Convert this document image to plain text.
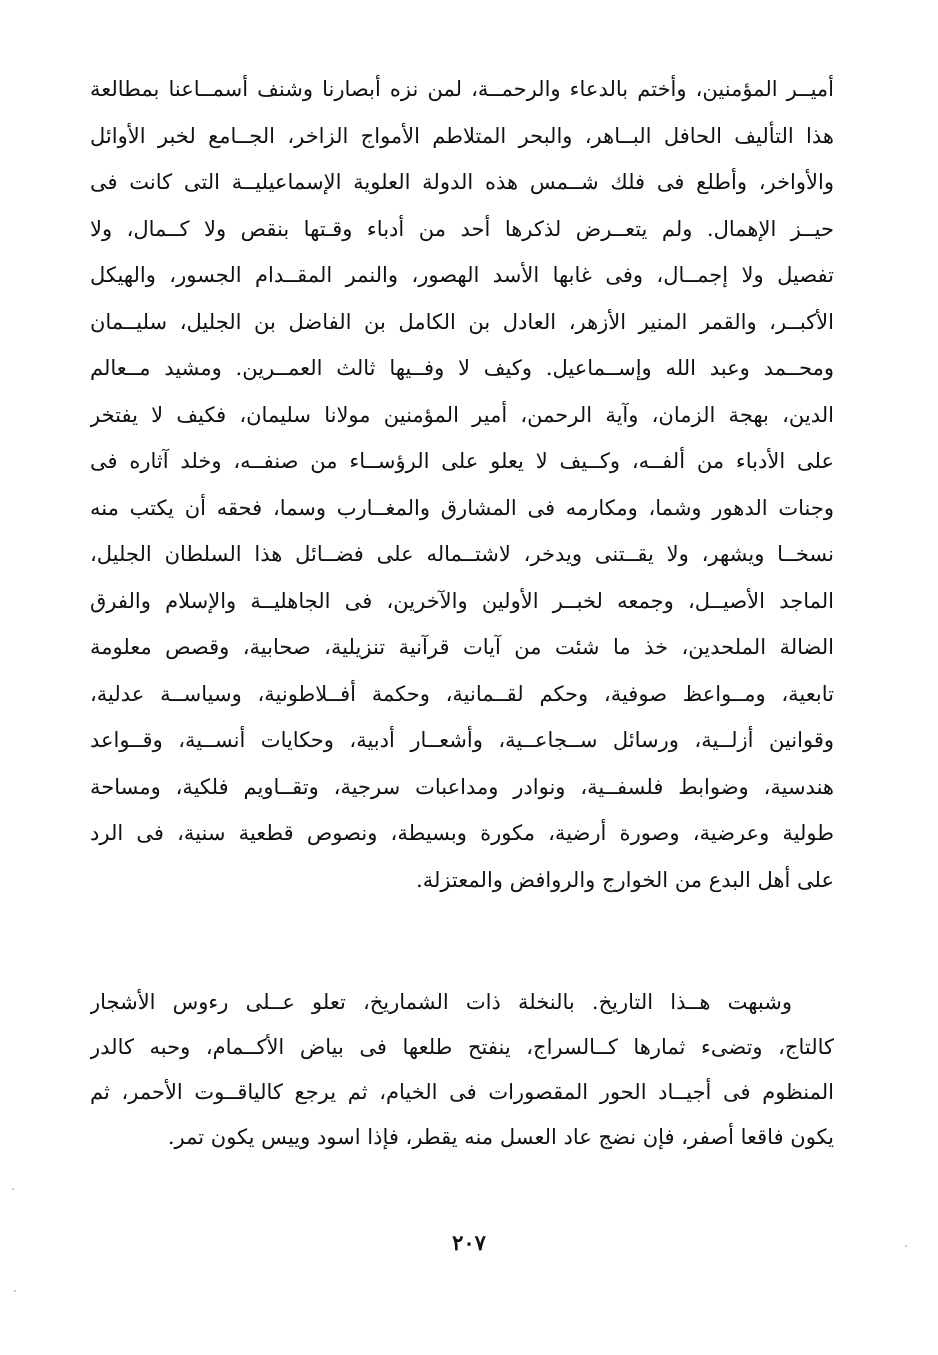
أميــر المؤمنين، وأختم بالدعاء والرحمــة، لمن نزه أبصارنا وشنف أسمــاعنا بمطالعة
هذا التأليف الحافل البــاهر، والبحر المتلاطم الأمواج الزاخر، الجــامع لخبر الأوائل
والأواخر، وأطلع فى فلك شــمس هذه الدولة العلوية الإسماعيليــة التى كانت فى
حيــز الإهمال. ولم يتعــرض لذكرها أحد من أدباء وقـتها بنقص ولا كــمال، ولا
تفصيل ولا إجمــال، وفى غابها الأسد الهصور، والنمر المقــدام الجسور، والهيكل
الأكبــر، والقمر المنير الأزهر، العادل بن الكامل بن الفاضل بن الجليل، سليــمان
ومحــمد وعبد الله وإســماعيل. وكيف لا وفــيها ثالث العمــرين. ومشيد مــعالم
الدين، بهجة الزمان، وآية الرحمن، أمير المؤمنين مولانا سليمان، فكيف لا يفتخر
على الأدباء من ألفــه، وكــيف لا يعلو على الرؤســاء من صنفــه، وخلد آثاره فى
وجنات الدهور وشما، ومكارمه فى المشارق والمغــارب وسما، فحقه أن يكتب منه
نسخــا ويشهر، ولا يقــتنى ويدخر، لاشتــماله على فضــائل هذا السلطان الجليل،
الماجد الأصيــل، وجمعه لخبــر الأولين والآخرين، فى الجاهليــة والإسلام والفرق
الضالة الملحدين، خذ ما شئت من آيات قرآنية تنزيلية، صحابية، وقصص معلومة
تابعية، ومــواعظ صوفية، وحكم لقــمانية، وحكمة أفــلاطونية، وسياســة عدلية،
وقوانين أزلــية، ورسائل ســجاعــية، وأشعــار أدبية، وحكايات أنســية، وقــواعد
هندسية، وضوابط فلسفــية، ونوادر ومداعبات سرجية، وتقــاويم فلكية، ومساحة
طولية وعرضية، وصورة أرضية، مكورة وبسيطة، ونصوص قطعية سنية، فى الرد
على أهل البدع من الخوارج والروافض والمعتزلة.
وشبهت هــذا التاريخ. بالنخلة ذات الشماريخ، تعلو عــلى رءوس الأشجار
كالتاج، وتضىء ثمارها كــالسراج، ينفتح طلعها فى بياض الأكــمام، وحبه كالدر
المنظوم فى أجيــاد الحور المقصورات فى الخيام، ثم يرجع كالياقــوت الأحمر، ثم
يكون فاقعا أصفر، فإن نضج عاد العسل منه يقطر، فإذا اسود وييس يكون تمر.
٢٠٧
